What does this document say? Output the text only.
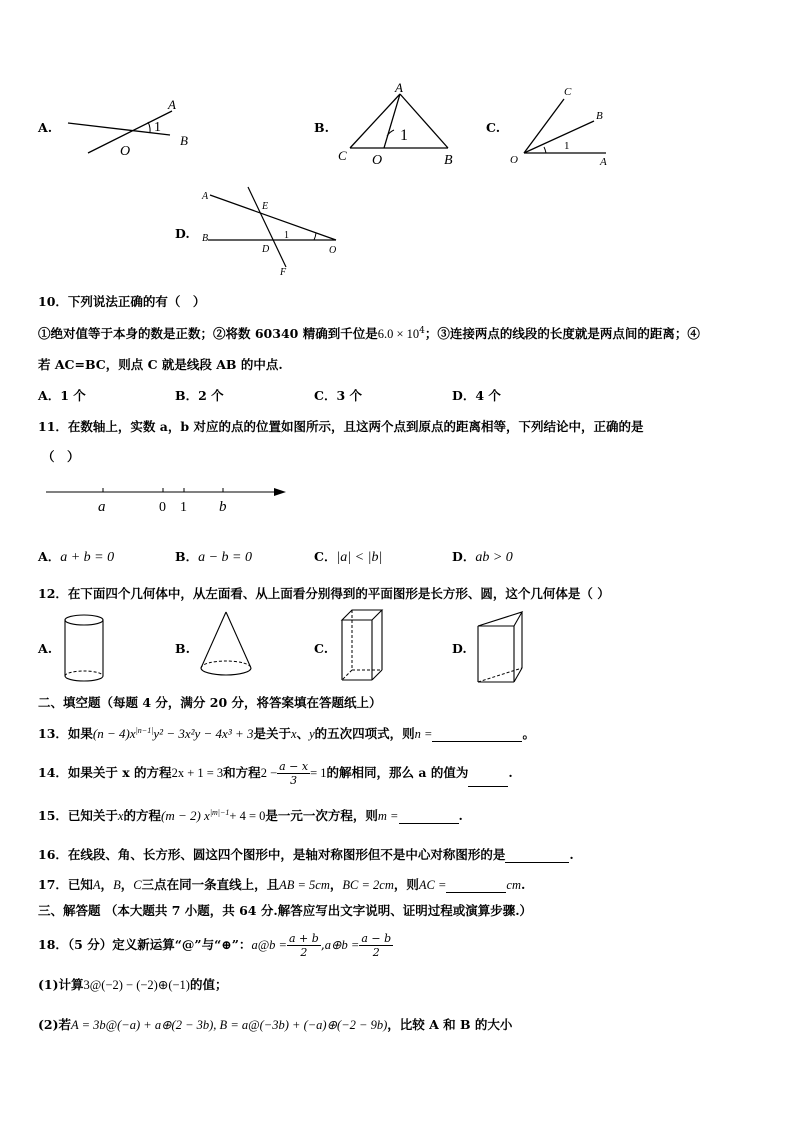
A.
A
B
O
1	B.
A
C O	B
1	C.
C
B
O	A
1
D.
A
E
B
D
1
O
F
10．下列说法正确的有（　）
①绝对值等于本身的数是正数；②将数 60340 精确到千位是$6.0 \times 10^4$；③连接两点的线段的长度就是两点间的距离；④
若 AC=BC，则点 C 就是线段 AB 的中点.
A．1 个	B．2 个	C．3 个	D．4 个
11．在数轴上，实数 a，b 对应的点的位置如图所示，且这两个点到原点的距离相等，下列结论中，正确的是
（　）
a	0 1 b
A．a + b = 0	B．a − b = 0	C．|a| < |b|	D．ab > 0
12．在下面四个几何体中，从左面看、从上面看分别得到的平面图形是长方形、圆，这个几何体是（ ）
A.	B.	C.	D.
二、填空题（每题 4 分，满分 20 分，将答案填在答题纸上）
13．如果$(n - 4)x^{|n-1|}y^2 - 3x^2y - 4x^3 + 3$是关于x、y的五次四项式，则n =	。
14．如果关于 x 的方程2x + 1 = 3和方程$2 - \frac{a - x}{3} = 1$的解相同，那么 a 的值为	.
15．已知关于x的方程(m − 2) $x^{|m|-1}+ 4 = 0$是一元一次方程，则m =	.
16．在线段、角、长方形、圆这四个图形中，是轴对称图形但不是中心对称图形的是	.
17．已知A，B，C三点在同一条直线上，且AB = 5cm，BC = 2cm，则AC =	cm.
三、解答题 （本大题共 7 小题，共 64 分.解答应写出文字说明、证明过程或演算步骤.）
18．（5 分）定义新运算“@”与“⊕”：a@b = $\frac{a + b}{2}$ ,a⊕b = $\frac{a - b}{2}$
(1)计算3@(−2) − (−2)⊕(−1)的值；
(2)若A = 3b@(−a) + a⊕(2 − 3b), B = a@(−3b) + (−a)⊕(−2 − 9b)，比较 A 和 B 的大小
